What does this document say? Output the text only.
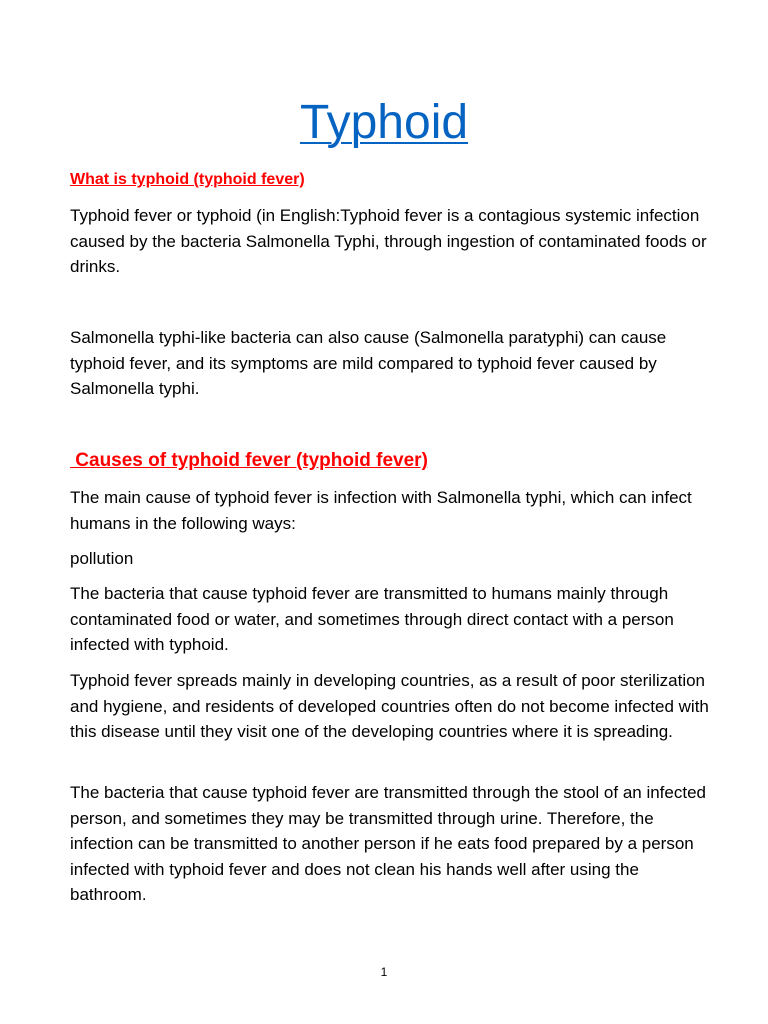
Typhoid
What is typhoid (typhoid fever)

Typhoid fever or typhoid (in English:Typhoid fever is a contagious systemic infection caused by the bacteria Salmonella Typhi, through ingestion of contaminated foods or drinks.

Salmonella typhi-like bacteria can also cause (Salmonella paratyphi) can cause typhoid fever, and its symptoms are mild compared to typhoid fever caused by Salmonella typhi.

Causes of typhoid fever (typhoid fever)

The main cause of typhoid fever is infection with Salmonella typhi, which can infect humans in the following ways:

pollution

The bacteria that cause typhoid fever are transmitted to humans mainly through contaminated food or water, and sometimes through direct contact with a person infected with typhoid.

Typhoid fever spreads mainly in developing countries, as a result of poor sterilization and hygiene, and residents of developed countries often do not become infected with this disease until they visit one of the developing countries where it is spreading.

The bacteria that cause typhoid fever are transmitted through the stool of an infected person, and sometimes they may be transmitted through urine. Therefore, the infection can be transmitted to another person if he eats food prepared by a person infected with typhoid fever and does not clean his hands well after using the bathroom.

1
